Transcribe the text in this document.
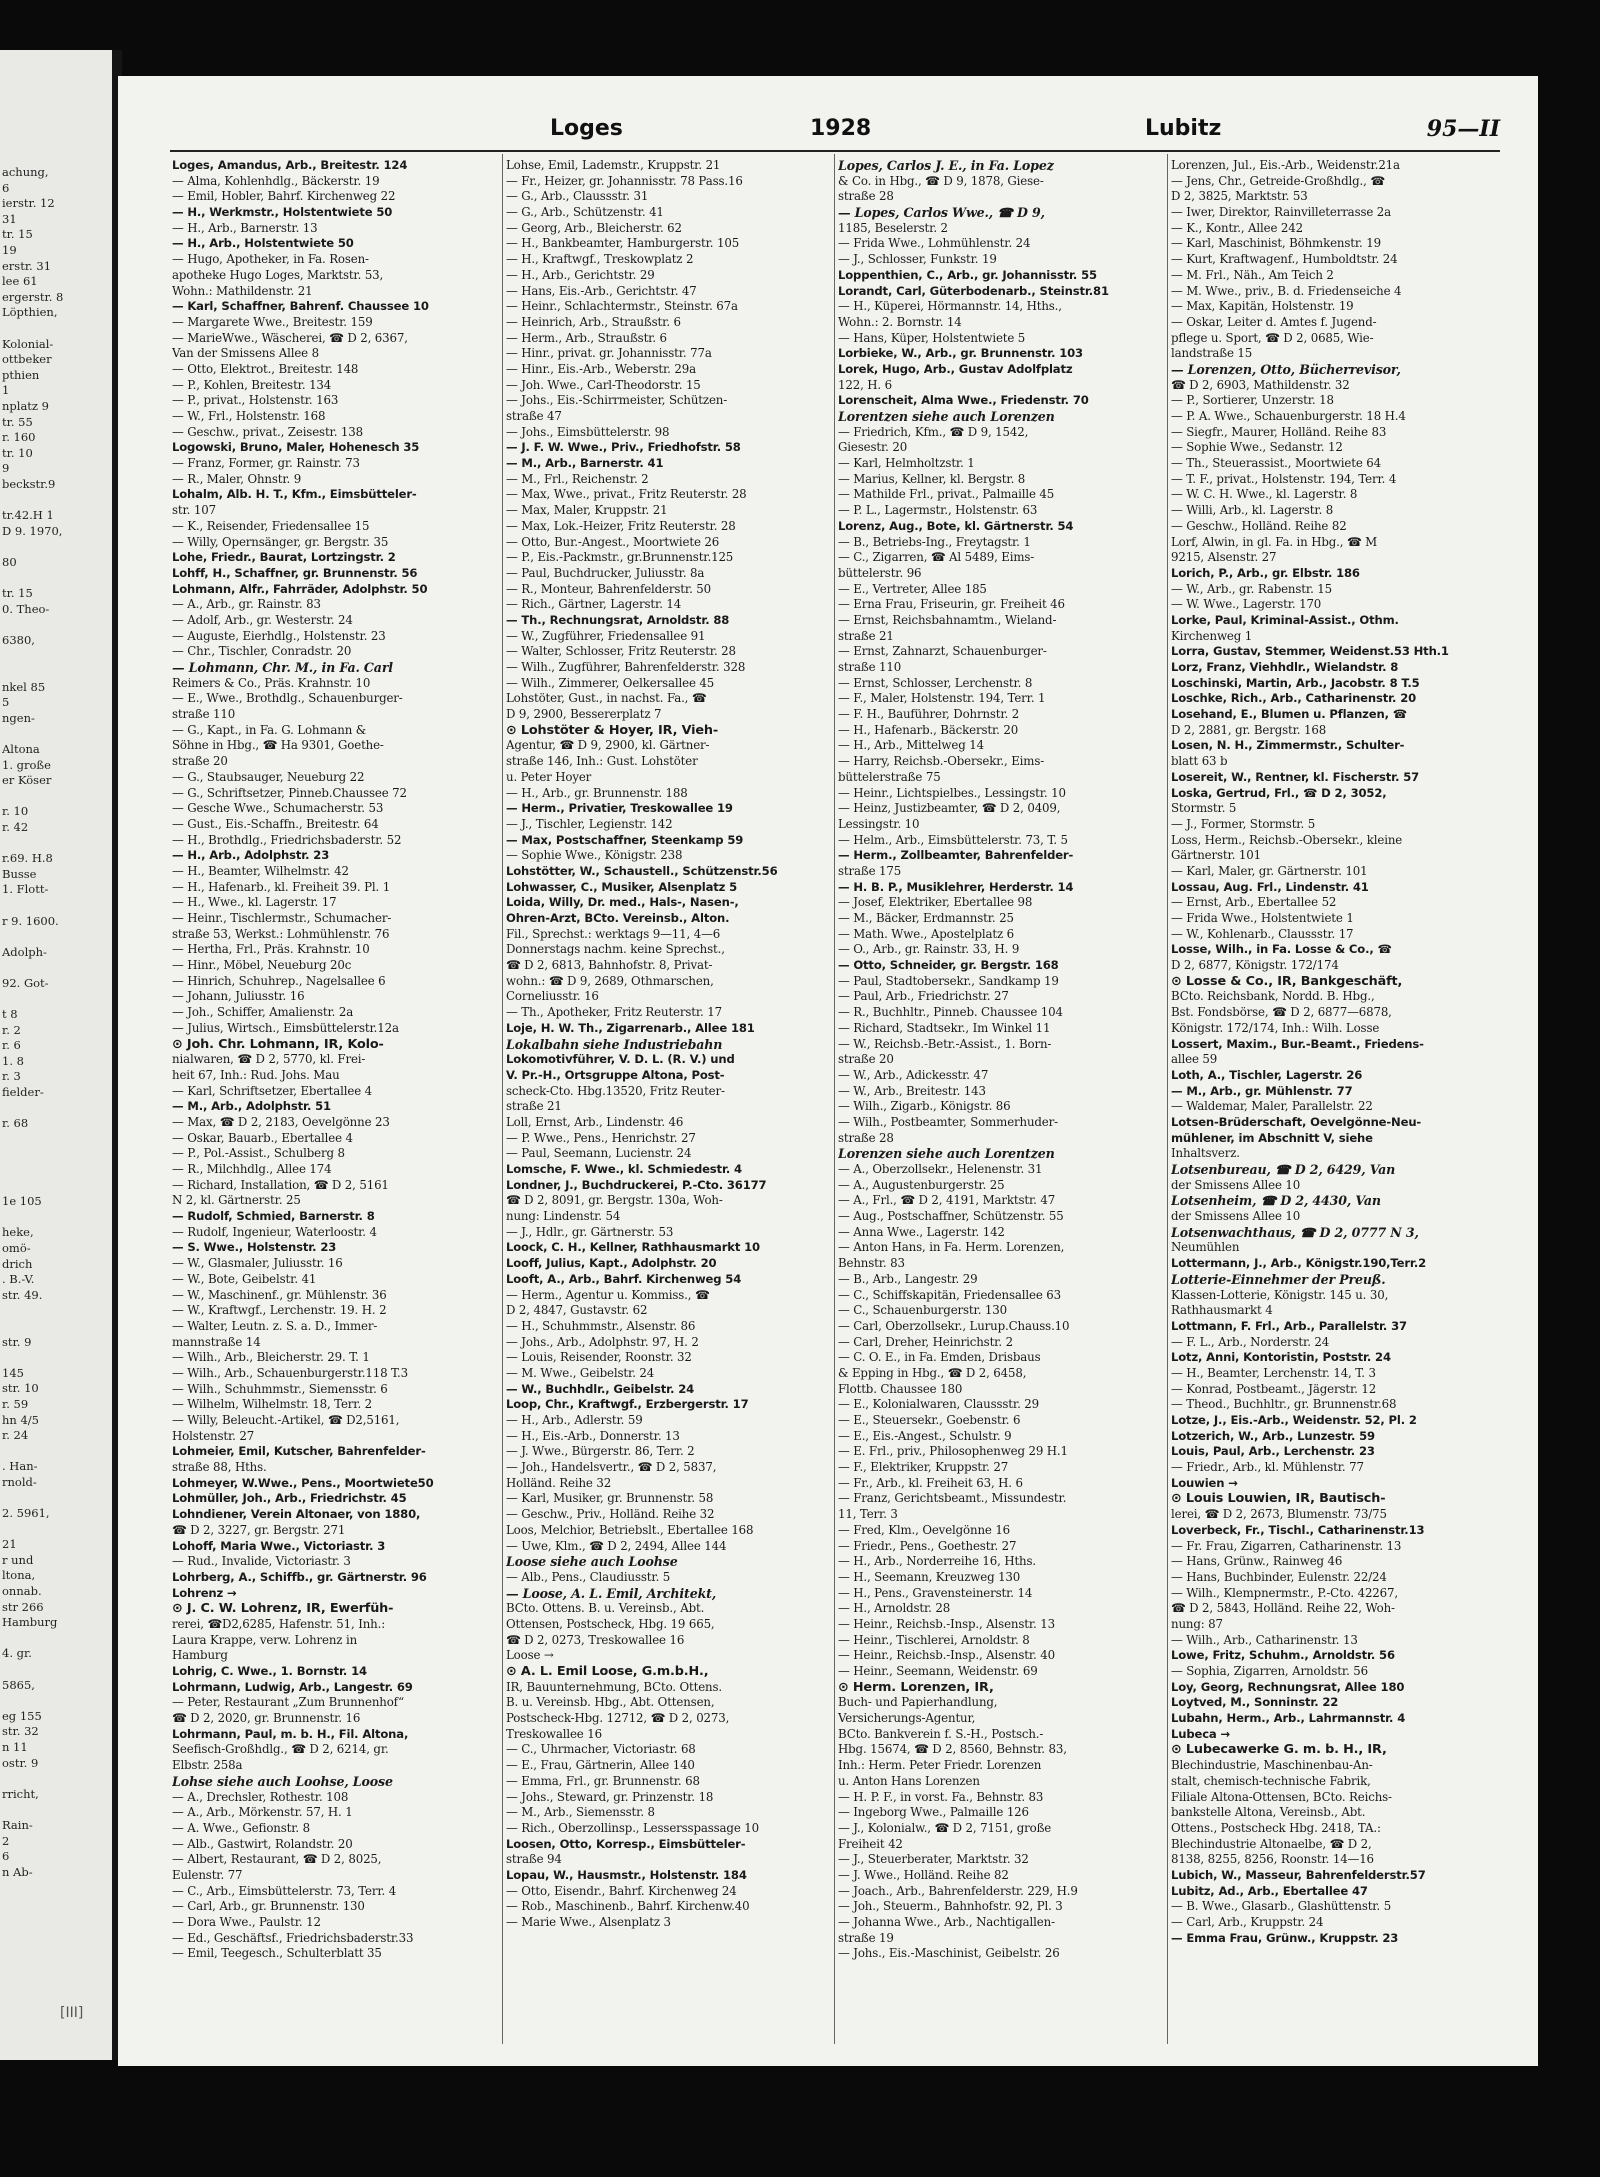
achung,
6
ierstr. 12
31
tr. 15
19
erstr. 31
lee 61
ergerstr. 8
Löpthien,
Kolonial-
ottbeker
pthien
1
nplatz 9
tr. 55
r. 160
tr. 10
9
beckstr.9
tr.42.H 1
D 9. 1970,
80
tr. 15
0. Theo-
6380,
nkel 85
5
ngen-
Altona
1. große
er Köser
r. 10
r. 42
r.69. H.8
Busse
1. Flott-
r 9. 1600.
Adolph-
92. Got-
t 8
r. 2
r. 6
1. 8
r. 3
fielder-
r. 68
1e 105
heke,
omö-
drich
. B.-V.
str. 49.
str. 9
145
str. 10
r. 59
hn 4/5
r. 24
. Han-
rnold-
2. 5961,
21
r und
ltona,
onnab.
str 266
Hamburg
4. gr.
5865,
eg 155
str. 32
n 11
ostr. 9
rricht,
Rain-
2
6
n Ab-
[III]
Loges	1928	Lubitz	95—II
Loges, Amandus, Arb., Breitestr. 124
— Alma, Kohlenhdlg., Bäckerstr. 19
— Emil, Hobler, Bahrf. Kirchenweg 22
— H., Werkmstr., Holstentwiete 50
— H., Arb., Barnerstr. 13
— H., Arb., Holstentwiete 50
— Hugo, Apotheker, in Fa. Rosen-
apotheke Hugo Loges, Marktstr. 53,
Wohn.: Mathildenstr. 21
— Karl, Schaffner, Bahrenf. Chaussee 10
— Margarete Wwe., Breitestr. 159
— MarieWwe., Wäscherei, ☎ D 2, 6367,
Van der Smissens Allee 8
— Otto, Elektrot., Breitestr. 148
— P., Kohlen, Breitestr. 134
— P., privat., Holstenstr. 163
— W., Frl., Holstenstr. 168
— Geschw., privat., Zeisestr. 138
Logowski, Bruno, Maler, Hohenesch 35
— Franz, Former, gr. Rainstr. 73
— R., Maler, Ohnstr. 9
Lohalm, Alb. H. T., Kfm., Eimsbütteler-
str. 107
— K., Reisender, Friedensallee 15
— Willy, Opernsänger, gr. Bergstr. 35
Lohe, Friedr., Baurat, Lortzingstr. 2
Lohff, H., Schaffner, gr. Brunnenstr. 56
Lohmann, Alfr., Fahrräder, Adolphstr. 50
— A., Arb., gr. Rainstr. 83
— Adolf, Arb., gr. Westerstr. 24
— Auguste, Eierhdlg., Holstenstr. 23
— Chr., Tischler, Conradstr. 20
— Lohmann, Chr. M., in Fa. Carl
Reimers & Co., Präs. Krahnstr. 10
— E., Wwe., Brothdlg., Schauenburger-
straße 110
— G., Kapt., in Fa. G. Lohmann &
Söhne in Hbg., ☎ Ha 9301, Goethe-
straße 20
— G., Staubsauger, Neueburg 22
— G., Schriftsetzer, Pinneb.Chaussee 72
— Gesche Wwe., Schumacherstr. 53
— Gust., Eis.-Schaffn., Breitestr. 64
— H., Brothdlg., Friedrichsbaderstr. 52
— H., Arb., Adolphstr. 23
— H., Beamter, Wilhelmstr. 42
— H., Hafenarb., kl. Freiheit 39. Pl. 1
— H., Wwe., kl. Lagerstr. 17
— Heinr., Tischlermstr., Schumacher-
straße 53, Werkst.: Lohmühlenstr. 76
— Hertha, Frl., Präs. Krahnstr. 10
— Hinr., Möbel, Neueburg 20c
— Hinrich, Schuhrep., Nagelsallee 6
— Johann, Juliusstr. 16
— Joh., Schiffer, Amalienstr. 2a
— Julius, Wirtsch., Eimsbüttelerstr.12a
⊙ Joh. Chr. Lohmann, IR, Kolo-
nialwaren, ☎ D 2, 5770, kl. Frei-
heit 67, Inh.: Rud. Johs. Mau
— Karl, Schriftsetzer, Ebertallee 4
— M., Arb., Adolphstr. 51
— Max, ☎ D 2, 2183, Oevelgönne 23
— Oskar, Bauarb., Ebertallee 4
— P., Pol.-Assist., Schulberg 8
— R., Milchhdlg., Allee 174
— Richard, Installation, ☎ D 2, 5161
N 2, kl. Gärtnerstr. 25
— Rudolf, Schmied, Barnerstr. 8
— Rudolf, Ingenieur, Waterloostr. 4
— S. Wwe., Holstenstr. 23
— W., Glasmaler, Juliusstr. 16
— W., Bote, Geibelstr. 41
— W., Maschinenf., gr. Mühlenstr. 36
— W., Kraftwgf., Lerchenstr. 19. H. 2
— Walter, Leutn. z. S. a. D., Immer-
mannstraße 14
— Wilh., Arb., Bleicherstr. 29. T. 1
— Wilh., Arb., Schauenburgerstr.118 T.3
— Wilh., Schuhmmstr., Siemensstr. 6
— Wilhelm, Wilhelmstr. 18, Terr. 2
— Willy, Beleucht.-Artikel, ☎ D2,5161,
Holstenstr. 27
Lohmeier, Emil, Kutscher, Bahrenfelder-
straße 88, Hths.
Lohmeyer, W.Wwe., Pens., Moortwiete50
Lohmüller, Joh., Arb., Friedrichstr. 45
Lohndiener, Verein Altonaer, von 1880,
☎ D 2, 3227, gr. Bergstr. 271
Lohoff, Maria Wwe., Victoriastr. 3
— Rud., Invalide, Victoriastr. 3
Lohrberg, A., Schiffb., gr. Gärtnerstr. 96
Lohrenz →
⊙ J. C. W. Lohrenz, IR, Ewerfüh-
rerei, ☎D2,6285, Hafenstr. 51, Inh.:
Laura Krappe, verw. Lohrenz in
Hamburg
Lohrig, C. Wwe., 1. Bornstr. 14
Lohrmann, Ludwig, Arb., Langestr. 69
— Peter, Restaurant „Zum Brunnenhof“
☎ D 2, 2020, gr. Brunnenstr. 16
Lohrmann, Paul, m. b. H., Fil. Altona,
Seefisch-Großhdlg., ☎ D 2, 6214, gr.
Elbstr. 258a
Lohse siehe auch Loohse, Loose
— A., Drechsler, Rothestr. 108
— A., Arb., Mörkenstr. 57, H. 1
— A. Wwe., Gefionstr. 8
— Alb., Gastwirt, Rolandstr. 20
— Albert, Restaurant, ☎ D 2, 8025,
Eulenstr. 77
— C., Arb., Eimsbüttelerstr. 73, Terr. 4
— Carl, Arb., gr. Brunnenstr. 130
— Dora Wwe., Paulstr. 12
— Ed., Geschäftsf., Friedrichsbaderstr.33
— Emil, Teegesch., Schulterblatt 35
Lohse, Emil, Lademstr., Kruppstr. 21
— Fr., Heizer, gr. Johannisstr. 78 Pass.16
— G., Arb., Claussstr. 31
— G., Arb., Schützenstr. 41
— Georg, Arb., Bleicherstr. 62
— H., Bankbeamter, Hamburgerstr. 105
— H., Kraftwgf., Treskowplatz 2
— H., Arb., Gerichtstr. 29
— Hans, Eis.-Arb., Gerichtstr. 47
— Heinr., Schlachtermstr., Steinstr. 67a
— Heinrich, Arb., Straußstr. 6
— Herm., Arb., Straußstr. 6
— Hinr., privat. gr. Johannisstr. 77a
— Hinr., Eis.-Arb., Weberstr. 29a
— Joh. Wwe., Carl-Theodorstr. 15
— Johs., Eis.-Schirrmeister, Schützen-
straße 47
— Johs., Eimsbüttelerstr. 98
— J. F. W. Wwe., Priv., Friedhofstr. 58
— M., Arb., Barnerstr. 41
— M., Frl., Reichenstr. 2
— Max, Wwe., privat., Fritz Reuterstr. 28
— Max, Maler, Kruppstr. 21
— Max, Lok.-Heizer, Fritz Reuterstr. 28
— Otto, Bur.-Angest., Moortwiete 26
— P., Eis.-Packmstr., gr.Brunnenstr.125
— Paul, Buchdrucker, Juliusstr. 8a
— R., Monteur, Bahrenfelderstr. 50
— Rich., Gärtner, Lagerstr. 14
— Th., Rechnungsrat, Arnoldstr. 88
— W., Zugführer, Friedensallee 91
— Walter, Schlosser, Fritz Reuterstr. 28
— Wilh., Zugführer, Bahrenfelderstr. 328
— Wilh., Zimmerer, Oelkersallee 45
Lohstöter, Gust., in nachst. Fa., ☎
D 9, 2900, Bessererplatz 7
⊙ Lohstöter & Hoyer, IR, Vieh-
Agentur, ☎ D 9, 2900, kl. Gärtner-
straße 146, Inh.: Gust. Lohstöter
u. Peter Hoyer
— H., Arb., gr. Brunnenstr. 188
— Herm., Privatier, Treskowallee 19
— J., Tischler, Legienstr. 142
— Max, Postschaffner, Steenkamp 59
— Sophie Wwe., Königstr. 238
Lohstötter, W., Schaustell., Schützenstr.56
Lohwasser, C., Musiker, Alsenplatz 5
Loida, Willy, Dr. med., Hals-, Nasen-,
Ohren-Arzt, BCto. Vereinsb., Alton.
Fil., Sprechst.: werktags 9—11, 4—6
Donnerstags nachm. keine Sprechst.,
☎ D 2, 6813, Bahnhofstr. 8, Privat-
wohn.: ☎ D 9, 2689, Othmarschen,
Corneliusstr. 16
— Th., Apotheker, Fritz Reuterstr. 17
Loje, H. W. Th., Zigarrenarb., Allee 181
Lokalbahn siehe Industriebahn
Lokomotivführer, V. D. L. (R. V.) und
V. Pr.-H., Ortsgruppe Altona, Post-
scheck-Cto. Hbg.13520, Fritz Reuter-
straße 21
Loll, Ernst, Arb., Lindenstr. 46
— P. Wwe., Pens., Henrichstr. 27
— Paul, Seemann, Lucienstr. 24
Lomsche, F. Wwe., kl. Schmiedestr. 4
Londner, J., Buchdruckerei, P.-Cto. 36177
☎ D 2, 8091, gr. Bergstr. 130a, Woh-
nung: Lindenstr. 54
— J., Hdlr., gr. Gärtnerstr. 53
Loock, C. H., Kellner, Rathhausmarkt 10
Looff, Julius, Kapt., Adolphstr. 20
Looft, A., Arb., Bahrf. Kirchenweg 54
— Herm., Agentur u. Kommiss., ☎
D 2, 4847, Gustavstr. 62
— H., Schuhmmstr., Alsenstr. 86
— Johs., Arb., Adolphstr. 97, H. 2
— Louis, Reisender, Roonstr. 32
— M. Wwe., Geibelstr. 24
— W., Buchhdlr., Geibelstr. 24
Loop, Chr., Kraftwgf., Erzbergerstr. 17
— H., Arb., Adlerstr. 59
— H., Eis.-Arb., Donnerstr. 13
— J. Wwe., Bürgerstr. 86, Terr. 2
— Joh., Handelsvertr., ☎ D 2, 5837,
Holländ. Reihe 32
— Karl, Musiker, gr. Brunnenstr. 58
— Geschw., Priv., Holländ. Reihe 32
Loos, Melchior, Betriebslt., Ebertallee 168
— Uwe, Klm., ☎ D 2, 2494, Allee 144
Loose siehe auch Loohse
— Alb., Pens., Claudiusstr. 5
— Loose, A. L. Emil, Architekt,
BCto. Ottens. B. u. Vereinsb., Abt.
Ottensen, Postscheck, Hbg. 19 665,
☎ D 2, 0273, Treskowallee 16
Loose →
⊙ A. L. Emil Loose, G.m.b.H.,
IR, Bauunternehmung, BCto. Ottens.
B. u. Vereinsb. Hbg., Abt. Ottensen,
Postscheck-Hbg. 12712, ☎ D 2, 0273,
Treskowallee 16
— C., Uhrmacher, Victoriastr. 68
— E., Frau, Gärtnerin, Allee 140
— Emma, Frl., gr. Brunnenstr. 68
— Johs., Steward, gr. Prinzenstr. 18
— M., Arb., Siemensstr. 8
— Rich., Oberzollinsp., Lessersspassage 10
Loosen, Otto, Korresp., Eimsbütteler-
straße 94
Lopau, W., Hausmstr., Holstenstr. 184
— Otto, Eisendr., Bahrf. Kirchenweg 24
— Rob., Maschinenb., Bahrf. Kirchenw.40
— Marie Wwe., Alsenplatz 3
Lopes, Carlos J. E., in Fa. Lopez
& Co. in Hbg., ☎ D 9, 1878, Giese-
straße 28
— Lopes, Carlos Wwe., ☎ D 9,
1185, Beselerstr. 2
— Frida Wwe., Lohmühlenstr. 24
— J., Schlosser, Funkstr. 19
Loppenthien, C., Arb., gr. Johannisstr. 55
Lorandt, Carl, Güterbodenarb., Steinstr.81
— H., Küperei, Hörmannstr. 14, Hths.,
Wohn.: 2. Bornstr. 14
— Hans, Küper, Holstentwiete 5
Lorbieke, W., Arb., gr. Brunnenstr. 103
Lorek, Hugo, Arb., Gustav Adolfplatz
122, H. 6
Lorenscheit, Alma Wwe., Friedenstr. 70
Lorentzen siehe auch Lorenzen
— Friedrich, Kfm., ☎ D 9, 1542,
Giesestr. 20
— Karl, Helmholtzstr. 1
— Marius, Kellner, kl. Bergstr. 8
— Mathilde Frl., privat., Palmaille 45
— P. L., Lagermstr., Holstenstr. 63
Lorenz, Aug., Bote, kl. Gärtnerstr. 54
— B., Betriebs-Ing., Freytagstr. 1
— C., Zigarren, ☎ Al 5489, Eims-
büttelerstr. 96
— E., Vertreter, Allee 185
— Erna Frau, Friseurin, gr. Freiheit 46
— Ernst, Reichsbahnamtm., Wieland-
straße 21
— Ernst, Zahnarzt, Schauenburger-
straße 110
— Ernst, Schlosser, Lerchenstr. 8
— F., Maler, Holstenstr. 194, Terr. 1
— F. H., Bauführer, Dohrnstr. 2
— H., Hafenarb., Bäckerstr. 20
— H., Arb., Mittelweg 14
— Harry, Reichsb.-Obersekr., Eims-
büttelerstraße 75
— Heinr., Lichtspielbes., Lessingstr. 10
— Heinz, Justizbeamter, ☎ D 2, 0409,
Lessingstr. 10
— Helm., Arb., Eimsbüttelerstr. 73, T. 5
— Herm., Zollbeamter, Bahrenfelder-
straße 175
— H. B. P., Musiklehrer, Herderstr. 14
— Josef, Elektriker, Ebertallee 98
— M., Bäcker, Erdmannstr. 25
— Math. Wwe., Apostelplatz 6
— O., Arb., gr. Rainstr. 33, H. 9
— Otto, Schneider, gr. Bergstr. 168
— Paul, Stadtobersekr., Sandkamp 19
— Paul, Arb., Friedrichstr. 27
— R., Buchhltr., Pinneb. Chaussee 104
— Richard, Stadtsekr., Im Winkel 11
— W., Reichsb.-Betr.-Assist., 1. Born-
straße 20
— W., Arb., Adickesstr. 47
— W., Arb., Breitestr. 143
— Wilh., Zigarb., Königstr. 86
— Wilh., Postbeamter, Sommerhuder-
straße 28
Lorenzen siehe auch Lorentzen
— A., Oberzollsekr., Helenenstr. 31
— A., Augustenburgerstr. 25
— A., Frl., ☎ D 2, 4191, Marktstr. 47
— Aug., Postschaffner, Schützenstr. 55
— Anna Wwe., Lagerstr. 142
— Anton Hans, in Fa. Herm. Lorenzen,
Behnstr. 83
— B., Arb., Langestr. 29
— C., Schiffskapitän, Friedensallee 63
— C., Schauenburgerstr. 130
— Carl, Oberzollsekr., Lurup.Chauss.10
— Carl, Dreher, Heinrichstr. 2
— C. O. E., in Fa. Emden, Drisbaus
& Epping in Hbg., ☎ D 2, 6458,
Flottb. Chaussee 180
— E., Kolonialwaren, Claussstr. 29
— E., Steuersekr., Goebenstr. 6
— E., Eis.-Angest., Schulstr. 9
— E. Frl., priv., Philosophenweg 29 H.1
— F., Elektriker, Kruppstr. 27
— Fr., Arb., kl. Freiheit 63, H. 6
— Franz, Gerichtsbeamt., Missundestr.
11, Terr. 3
— Fred, Klm., Oevelgönne 16
— Friedr., Pens., Goethestr. 27
— H., Arb., Norderreihe 16, Hths.
— H., Seemann, Kreuzweg 130
— H., Pens., Gravensteinerstr. 14
— H., Arnoldstr. 28
— Heinr., Reichsb.-Insp., Alsenstr. 13
— Heinr., Tischlerei, Arnoldstr. 8
— Heinr., Reichsb.-Insp., Alsenstr. 40
— Heinr., Seemann, Weidenstr. 69
⊙ Herm. Lorenzen, IR,
Buch- und Papierhandlung,
Versicherungs-Agentur,
BCto. Bankverein f. S.-H., Postsch.-
Hbg. 15674, ☎ D 2, 8560, Behnstr. 83,
Inh.: Herm. Peter Friedr. Lorenzen
u. Anton Hans Lorenzen
— H. P. F., in vorst. Fa., Behnstr. 83
— Ingeborg Wwe., Palmaille 126
— J., Kolonialw., ☎ D 2, 7151, große
Freiheit 42
— J., Steuerberater, Marktstr. 32
— J. Wwe., Holländ. Reihe 82
— Joach., Arb., Bahrenfelderstr. 229, H.9
— Joh., Steuerm., Bahnhofstr. 92, Pl. 3
— Johanna Wwe., Arb., Nachtigallen-
straße 19
— Johs., Eis.-Maschinist, Geibelstr. 26
Lorenzen, Jul., Eis.-Arb., Weidenstr.21a
— Jens, Chr., Getreide-Großhdlg., ☎
D 2, 3825, Marktstr. 53
— Iwer, Direktor, Rainvilleterrasse 2a
— K., Kontr., Allee 242
— Karl, Maschinist, Böhmkenstr. 19
— Kurt, Kraftwagenf., Humboldtstr. 24
— M. Frl., Näh., Am Teich 2
— M. Wwe., priv., B. d. Friedenseiche 4
— Max, Kapitän, Holstenstr. 19
— Oskar, Leiter d. Amtes f. Jugend-
pflege u. Sport, ☎ D 2, 0685, Wie-
landstraße 15
— Lorenzen, Otto, Bücherrevisor,
☎ D 2, 6903, Mathildenstr. 32
— P., Sortierer, Unzerstr. 18
— P. A. Wwe., Schauenburgerstr. 18 H.4
— Siegfr., Maurer, Holländ. Reihe 83
— Sophie Wwe., Sedanstr. 12
— Th., Steuerassist., Moortwiete 64
— T. F., privat., Holstenstr. 194, Terr. 4
— W. C. H. Wwe., kl. Lagerstr. 8
— Willi, Arb., kl. Lagerstr. 8
— Geschw., Holländ. Reihe 82
Lorf, Alwin, in gl. Fa. in Hbg., ☎ M
9215, Alsenstr. 27
Lorich, P., Arb., gr. Elbstr. 186
— W., Arb., gr. Rabenstr. 15
— W. Wwe., Lagerstr. 170
Lorke, Paul, Kriminal-Assist., Othm.
Kirchenweg 1
Lorra, Gustav, Stemmer, Weidenst.53 Hth.1
Lorz, Franz, Viehhdlr., Wielandstr. 8
Loschinski, Martin, Arb., Jacobstr. 8 T.5
Loschke, Rich., Arb., Catharinenstr. 20
Losehand, E., Blumen u. Pflanzen, ☎
D 2, 2881, gr. Bergstr. 168
Losen, N. H., Zimmermstr., Schulter-
blatt 63 b
Losereit, W., Rentner, kl. Fischerstr. 57
Loska, Gertrud, Frl., ☎ D 2, 3052,
Stormstr. 5
— J., Former, Stormstr. 5
Loss, Herm., Reichsb.-Obersekr., kleine
Gärtnerstr. 101
— Karl, Maler, gr. Gärtnerstr. 101
Lossau, Aug. Frl., Lindenstr. 41
— Ernst, Arb., Ebertallee 52
— Frida Wwe., Holstentwiete 1
— W., Kohlenarb., Claussstr. 17
Losse, Wilh., in Fa. Losse & Co., ☎
D 2, 6877, Königstr. 172/174
⊙ Losse & Co., IR, Bankgeschäft,
BCto. Reichsbank, Nordd. B. Hbg.,
Bst. Fondsbörse, ☎ D 2, 6877—6878,
Königstr. 172/174, Inh.: Wilh. Losse
Lossert, Maxim., Bur.-Beamt., Friedens-
allee 59
Loth, A., Tischler, Lagerstr. 26
— M., Arb., gr. Mühlenstr. 77
— Waldemar, Maler, Parallelstr. 22
Lotsen-Brüderschaft, Oevelgönne-Neu-
mühlener, im Abschnitt V, siehe
Inhaltsverz.
Lotsenbureau, ☎ D 2, 6429, Van
der Smissens Allee 10
Lotsenheim, ☎ D 2, 4430, Van
der Smissens Allee 10
Lotsenwachthaus, ☎ D 2, 0777 N 3,
Neumühlen
Lottermann, J., Arb., Königstr.190,Terr.2
Lotterie-Einnehmer der Preuß.
Klassen-Lotterie, Königstr. 145 u. 30,
Rathhausmarkt 4
Lottmann, F. Frl., Arb., Parallelstr. 37
— F. L., Arb., Norderstr. 24
Lotz, Anni, Kontoristin, Poststr. 24
— H., Beamter, Lerchenstr. 14, T. 3
— Konrad, Postbeamt., Jägerstr. 12
— Theod., Buchhltr., gr. Brunnenstr.68
Lotze, J., Eis.-Arb., Weidenstr. 52, Pl. 2
Lotzerich, W., Arb., Lunzestr. 59
Louis, Paul, Arb., Lerchenstr. 23
— Friedr., Arb., kl. Mühlenstr. 77
Louwien →
⊙ Louis Louwien, IR, Bautisch-
lerei, ☎ D 2, 2673, Blumenstr. 73/75
Loverbeck, Fr., Tischl., Catharinenstr.13
— Fr. Frau, Zigarren, Catharinenstr. 13
— Hans, Grünw., Rainweg 46
— Hans, Buchbinder, Eulenstr. 22/24
— Wilh., Klempnermstr., P.-Cto. 42267,
☎ D 2, 5843, Holländ. Reihe 22, Woh-
nung: 87
— Wilh., Arb., Catharinenstr. 13
Lowe, Fritz, Schuhm., Arnoldstr. 56
— Sophia, Zigarren, Arnoldstr. 56
Loy, Georg, Rechnungsrat, Allee 180
Loytved, M., Sonninstr. 22
Lubahn, Herm., Arb., Lahrmannstr. 4
Lubeca →
⊙ Lubecawerke G. m. b. H., IR,
Blechindustrie, Maschinenbau-An-
stalt, chemisch-technische Fabrik,
Filiale Altona-Ottensen, BCto. Reichs-
bankstelle Altona, Vereinsb., Abt.
Ottens., Postscheck Hbg. 2418, TA.:
Blechindustrie Altonaelbe, ☎ D 2,
8138, 8255, 8256, Roonstr. 14—16
Lubich, W., Masseur, Bahrenfelderstr.57
Lubitz, Ad., Arb., Ebertallee 47
— B. Wwe., Glasarb., Glashüttenstr. 5
— Carl, Arb., Kruppstr. 24
— Emma Frau, Grünw., Kruppstr. 23
